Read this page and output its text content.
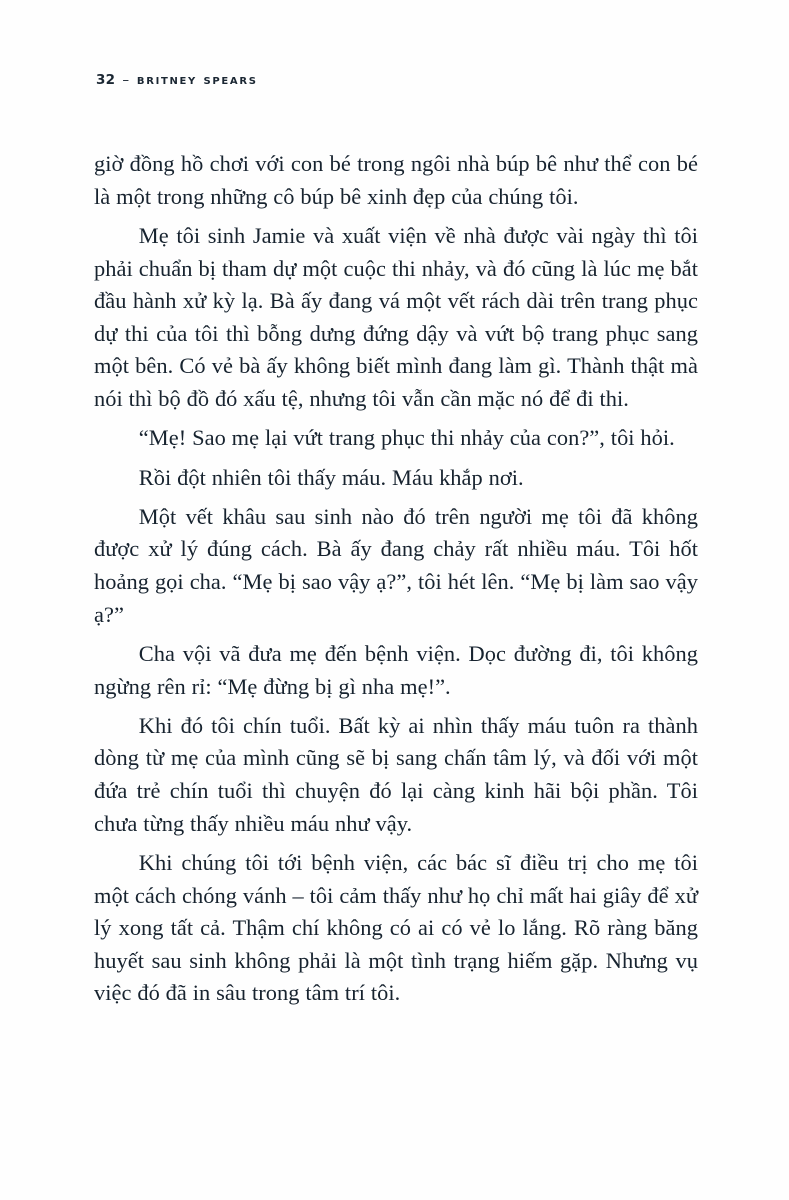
32 – britney spears

giờ đồng hồ chơi với con bé trong ngôi nhà búp bê như thể con bé là một trong những cô búp bê xinh đẹp của chúng tôi.

Mẹ tôi sinh Jamie và xuất viện về nhà được vài ngày thì tôi phải chuẩn bị tham dự một cuộc thi nhảy, và đó cũng là lúc mẹ bắt đầu hành xử kỳ lạ. Bà ấy đang vá một vết rách dài trên trang phục dự thi của tôi thì bỗng dưng đứng dậy và vứt bộ trang phục sang một bên. Có vẻ bà ấy không biết mình đang làm gì. Thành thật mà nói thì bộ đồ đó xấu tệ, nhưng tôi vẫn cần mặc nó để đi thi.

“Mẹ! Sao mẹ lại vứt trang phục thi nhảy của con?”, tôi hỏi.

Rồi đột nhiên tôi thấy máu. Máu khắp nơi.

Một vết khâu sau sinh nào đó trên người mẹ tôi đã không được xử lý đúng cách. Bà ấy đang chảy rất nhiều máu. Tôi hốt hoảng gọi cha. “Mẹ bị sao vậy ạ?”, tôi hét lên. “Mẹ bị làm sao vậy ạ?”

Cha vội vã đưa mẹ đến bệnh viện. Dọc đường đi, tôi không ngừng rên rỉ: “Mẹ đừng bị gì nha mẹ!”.

Khi đó tôi chín tuổi. Bất kỳ ai nhìn thấy máu tuôn ra thành dòng từ mẹ của mình cũng sẽ bị sang chấn tâm lý, và đối với một đứa trẻ chín tuổi thì chuyện đó lại càng kinh hãi bội phần. Tôi chưa từng thấy nhiều máu như vậy.

Khi chúng tôi tới bệnh viện, các bác sĩ điều trị cho mẹ tôi một cách chóng vánh – tôi cảm thấy như họ chỉ mất hai giây để xử lý xong tất cả. Thậm chí không có ai có vẻ lo lắng. Rõ ràng băng huyết sau sinh không phải là một tình trạng hiếm gặp. Nhưng vụ việc đó đã in sâu trong tâm trí tôi.
